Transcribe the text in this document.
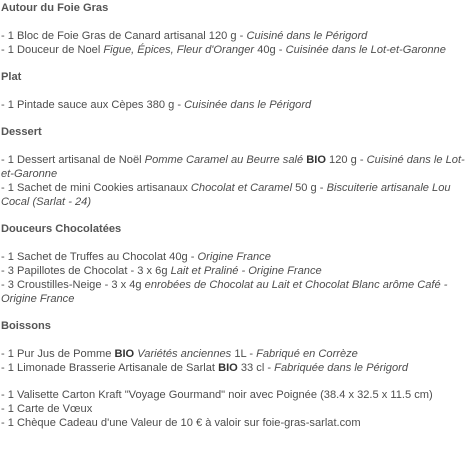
Autour du Foie Gras

- 1 Bloc de Foie Gras de Canard artisanal 120 g - Cuisiné dans le Périgord

- 1 Douceur de Noel Figue, Épices, Fleur d'Oranger 40g - Cuisinée dans le Lot-et-Garonne

Plat

- 1 Pintade sauce aux Cèpes 380 g - Cuisinée dans le Périgord

Dessert

- 1 Dessert artisanal de Noël Pomme Caramel au Beurre salé BIO 120 g - Cuisiné dans le Lot-et-Garonne

- 1 Sachet de mini Cookies artisanaux Chocolat et Caramel 50 g - Biscuiterie artisanale Lou Cocal (Sarlat - 24)

Douceurs Chocolatées

- 1 Sachet de Truffes au Chocolat 40g - Origine France

- 3 Papillotes de Chocolat - 3 x 6g Lait et Praliné - Origine France

- 3 Croustilles-Neige - 3 x 4g enrobées de Chocolat au Lait et Chocolat Blanc arôme Café - Origine France

Boissons

- 1 Pur Jus de Pomme BIO Variétés anciennes 1L - Fabriqué en Corrèze

- 1 Limonade Brasserie Artisanale de Sarlat BIO 33 cl - Fabriquée dans le Périgord

- 1 Valisette Carton Kraft "Voyage Gourmand" noir avec Poignée (38.4 x 32.5 x 11.5 cm)

- 1 Carte de Vœux

- 1 Chèque Cadeau d'une Valeur de 10 € à valoir sur foie-gras-sarlat.com
